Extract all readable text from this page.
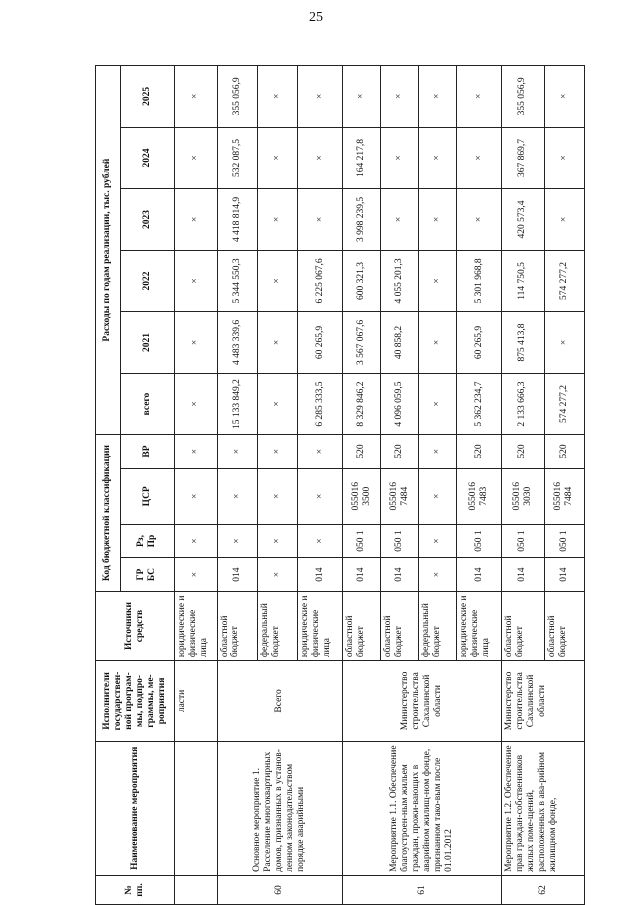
25
№ пп.	Наименование мероприятия	Исполнители государствен-ной програм-мы, подпро-граммы, ме-роприятия	Источники средств	Код бюджетной классификации				Расходы по годам реализации, тыс. рублей					
				ГР БС	Рз, Пр	ЦСР	ВР	всего	2021	2022	2023	2024	2025
		ласти	юридические и физические лица	×	×	×	×	×	×	×	×	×	×
60	Основное мероприятие 1. Расселение многоквартирных домов, признанных в установ-ленном законодательством порядке аварийными	Всего	областной бюджет	014	×	×	×	15 133 849,2	4 483 339,6	5 344 550,3	4 418 814,9	532 087,5	355 056,9
			федеральный бюджет	×	×	×	×	×	×	×	×	×	×
			юридические и физические лица	014	×	×	×	6 285 333,5	60 265,9	6 225 067,6	×	×	×
61	Мероприятие 1.1. Обеспечение благоустроен-ным жильем граждан, прожи-вающих в аварийном жилищ-ном фонде, признанном тако-вым после 01.01.2012	Министерство строительства Сахалинской области	областной бюджет	014	050 1	055016 3500	520	8 329 846,2	3 567 067,6	600 321,3	3 998 239,5	164 217,8	×
			областной бюджет	014	050 1	055016 7484	520	4 096 059,5	40 858,2	4 055 201,3	×	×	×
			федеральный бюджет	×	×	×	×	×	×	×	×	×	×
			юридические и физические лица	014	050 1	055016 7483	520	5 362 234,7	60 265,9	5 301 968,8	×	×	×
62	Мероприятие 1.2. Обеспечение прав граждан-собственников жилых поме-щений, расположенных в ава-рийном жилищном фонде,	Министерство строительства Сахалинской области	областной бюджет	014	050 1	055016 3030	520	2 133 666,3	875 413,8	114 750,5	420 573,4	367 869,7	355 056,9
			областной бюджет	014	050 1	055016 7484	520	574 277,2	×	574 277,2	×	×	×
